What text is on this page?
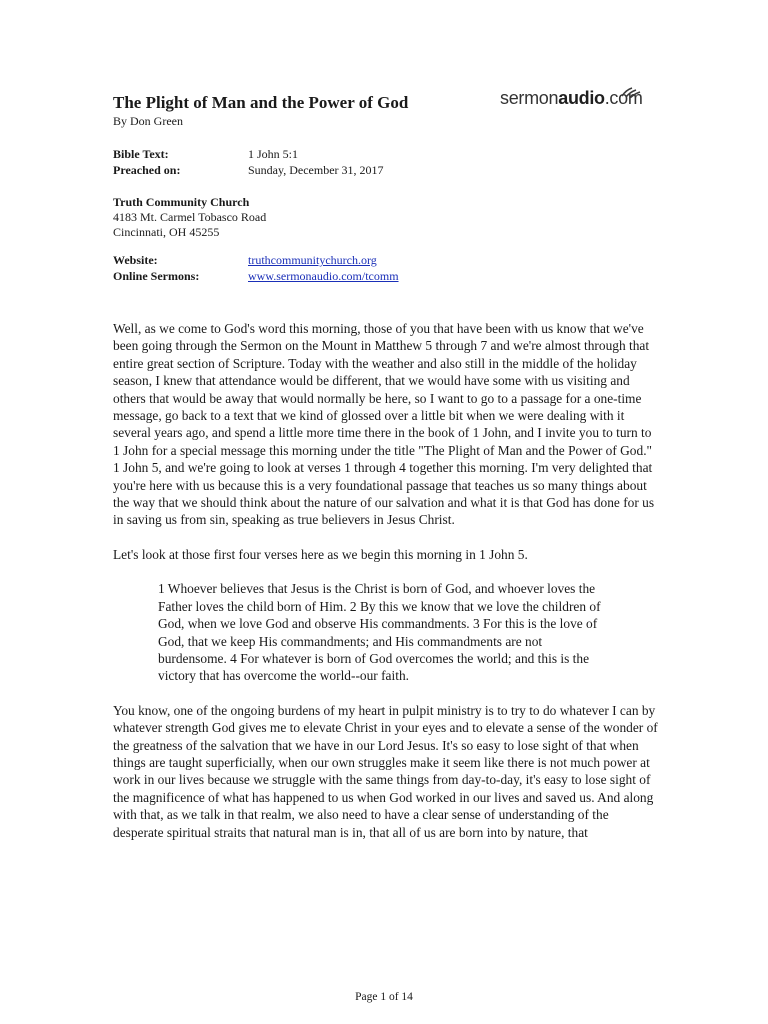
The Plight of Man and the Power of God
By Don Green
sermonaudio.com
Bible Text:	1 John 5:1
Preached on:	Sunday, December 31, 2017
Truth Community Church
4183 Mt. Carmel Tobasco Road
Cincinnati, OH 45255
Website:	truthcommunitychurch.org
Online Sermons:	www.sermonaudio.com/tcomm

Well, as we come to God's word this morning, those of you that have been with us know that we've been going through the Sermon on the Mount in Matthew 5 through 7 and we're almost through that entire great section of Scripture. Today with the weather and also still in the middle of the holiday season, I knew that attendance would be different, that we would have some with us visiting and others that would be away that would normally be here, so I want to go to a passage for a one-time message, go back to a text that we kind of glossed over a little bit when we were dealing with it several years ago, and spend a little more time there in the book of 1 John, and I invite you to turn to 1 John for a special message this morning under the title "The Plight of Man and the Power of God." 1 John 5, and we're going to look at verses 1 through 4 together this morning. I'm very delighted that you're here with us because this is a very foundational passage that teaches us so many things about the way that we should think about the nature of our salvation and what it is that God has done for us in saving us from sin, speaking as true believers in Jesus Christ.

Let's look at those first four verses here as we begin this morning in 1 John 5.

1 Whoever believes that Jesus is the Christ is born of God, and whoever loves the Father loves the child born of Him. 2 By this we know that we love the children of God, when we love God and observe His commandments. 3 For this is the love of God, that we keep His commandments; and His commandments are not burdensome. 4 For whatever is born of God overcomes the world; and this is the victory that has overcome the world--our faith.

You know, one of the ongoing burdens of my heart in pulpit ministry is to try to do whatever I can by whatever strength God gives me to elevate Christ in your eyes and to elevate a sense of the wonder of the greatness of the salvation that we have in our Lord Jesus. It's so easy to lose sight of that when things are taught superficially, when our own struggles make it seem like there is not much power at work in our lives because we struggle with the same things from day-to-day, it's easy to lose sight of the magnificence of what has happened to us when God worked in our lives and saved us. And along with that, as we talk in that realm, we also need to have a clear sense of understanding of the desperate spiritual straits that natural man is in, that all of us are born into by nature, that

Page 1 of 14
